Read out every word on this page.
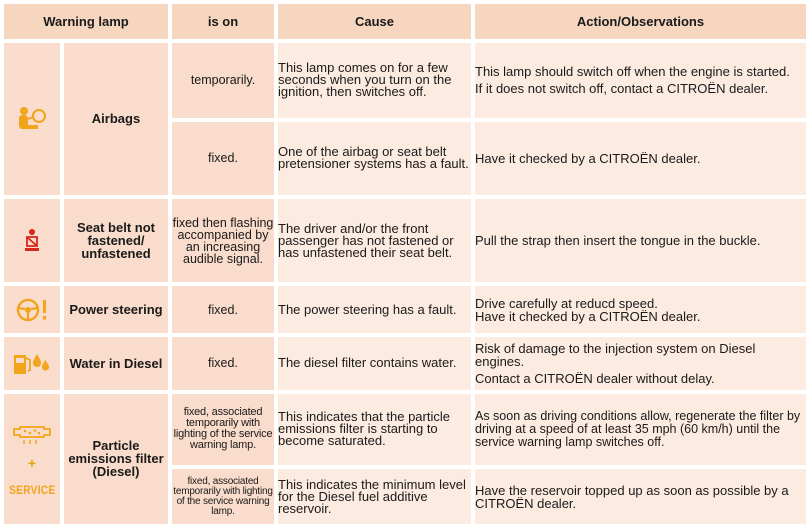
Warning lamp		is on	Cause	Action/Observations

	Airbags	temporarily.	This lamp comes on for a few seconds when you turn on the ignition, then switches off.	This lamp should switch off when the engine is started.
If it does not switch off, contact a CITROËN dealer.

		fixed.	One of the airbag or seat belt pretensioner systems has a fault.	Have it checked by a CITROËN dealer.

	Seat belt not fastened/ unfastened	fixed then flashing accompanied by an increasing audible signal.	The driver and/or the front passenger has not fastened or has unfastened their seat belt.	Pull the strap then insert the tongue in the buckle.

	Power steering	fixed.	The power steering has a fault.	Drive carefully at reducd speed.
Have it checked by a CITROËN dealer.

	Water in Diesel	fixed.	The diesel filter contains water.	Risk of damage to the injection system on Diesel engines.
Contact a CITROËN dealer without delay.

+
SERVICE	Particle emissions filter (Diesel)	fixed, associated temporarily with lighting of the service warning lamp.	This indicates that the particle emissions filter is starting to become saturated.	As soon as driving conditions allow, regenerate the filter by driving at a speed of at least 35 mph (60 km/h) until the service warning lamp switches off.
		fixed, associated temporarily with lighting of the service warning lamp.	This indicates the minimum level for the Diesel fuel additive reservoir.	Have the reservoir topped up as soon as possible by a CITROËN dealer.
